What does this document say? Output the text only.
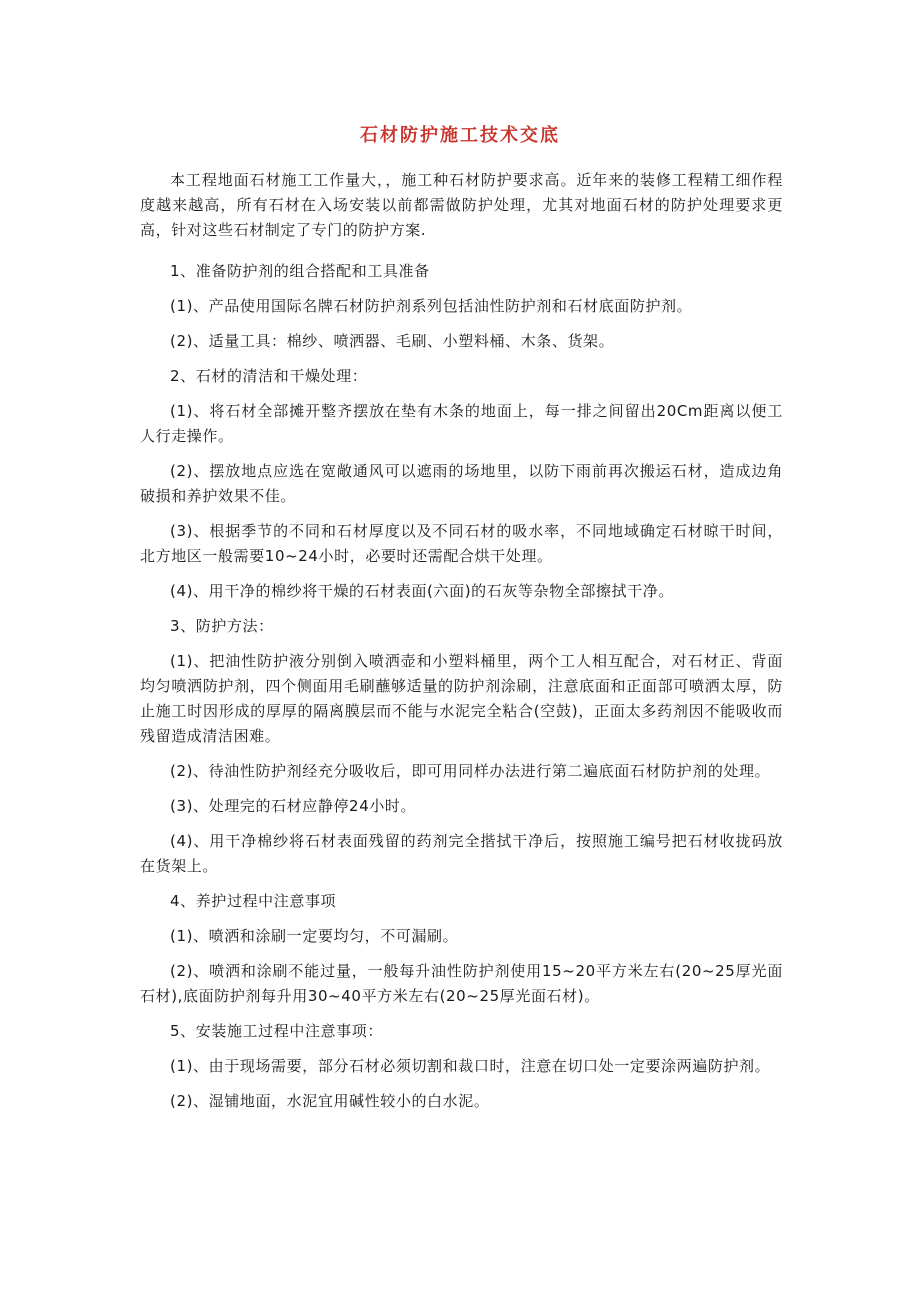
石材防护施工技术交底

本工程地面石材施工工作量大，，施工种石材防护要求高。近年来的装修工程精工细作程度越来越高，所有石材在入场安装以前都需做防护处理，尤其对地面石材的防护处理要求更高，针对这些石材制定了专门的防护方案.

1、准备防护剂的组合搭配和工具准备

(1)、产品使用国际名牌石材防护剂系列包括油性防护剂和石材底面防护剂。

(2)、适量工具：棉纱、喷洒器、毛刷、小塑料桶、木条、货架。

2、石材的清洁和干燥处理：

(1)、将石材全部摊开整齐摆放在垫有木条的地面上，每一排之间留出20Cm距离以便工人行走操作。

(2)、摆放地点应选在宽敞通风可以遮雨的场地里，以防下雨前再次搬运石材，造成边角破损和养护效果不佳。

(3)、根据季节的不同和石材厚度以及不同石材的吸水率，不同地域确定石材晾干时间，北方地区一般需要10~24小时，必要时还需配合烘干处理。

(4)、用干净的棉纱将干燥的石材表面(六面)的石灰等杂物全部擦拭干净。

3、防护方法：

(1)、把油性防护液分别倒入喷洒壶和小塑料桶里，两个工人相互配合，对石材正、背面均匀喷洒防护剂，四个侧面用毛刷蘸够适量的防护剂涂刷，注意底面和正面部可喷洒太厚，防止施工时因形成的厚厚的隔离膜层而不能与水泥完全粘合(空鼓)，正面太多药剂因不能吸收而残留造成清洁困难。

(2)、待油性防护剂经充分吸收后，即可用同样办法进行第二遍底面石材防护剂的处理。

(3)、处理完的石材应静停24小时。

(4)、用干净棉纱将石材表面残留的药剂完全揩拭干净后，按照施工编号把石材收拢码放在货架上。

4、养护过程中注意事项

(1)、喷洒和涂刷一定要均匀，不可漏刷。

(2)、喷洒和涂刷不能过量，一般每升油性防护剂使用15~20平方米左右(20~25厚光面石材),底面防护剂每升用30~40平方米左右(20~25厚光面石材)。

5、安装施工过程中注意事项：

(1)、由于现场需要，部分石材必须切割和裁口时，注意在切口处一定要涂两遍防护剂。

(2)、湿铺地面，水泥宜用碱性较小的白水泥。
